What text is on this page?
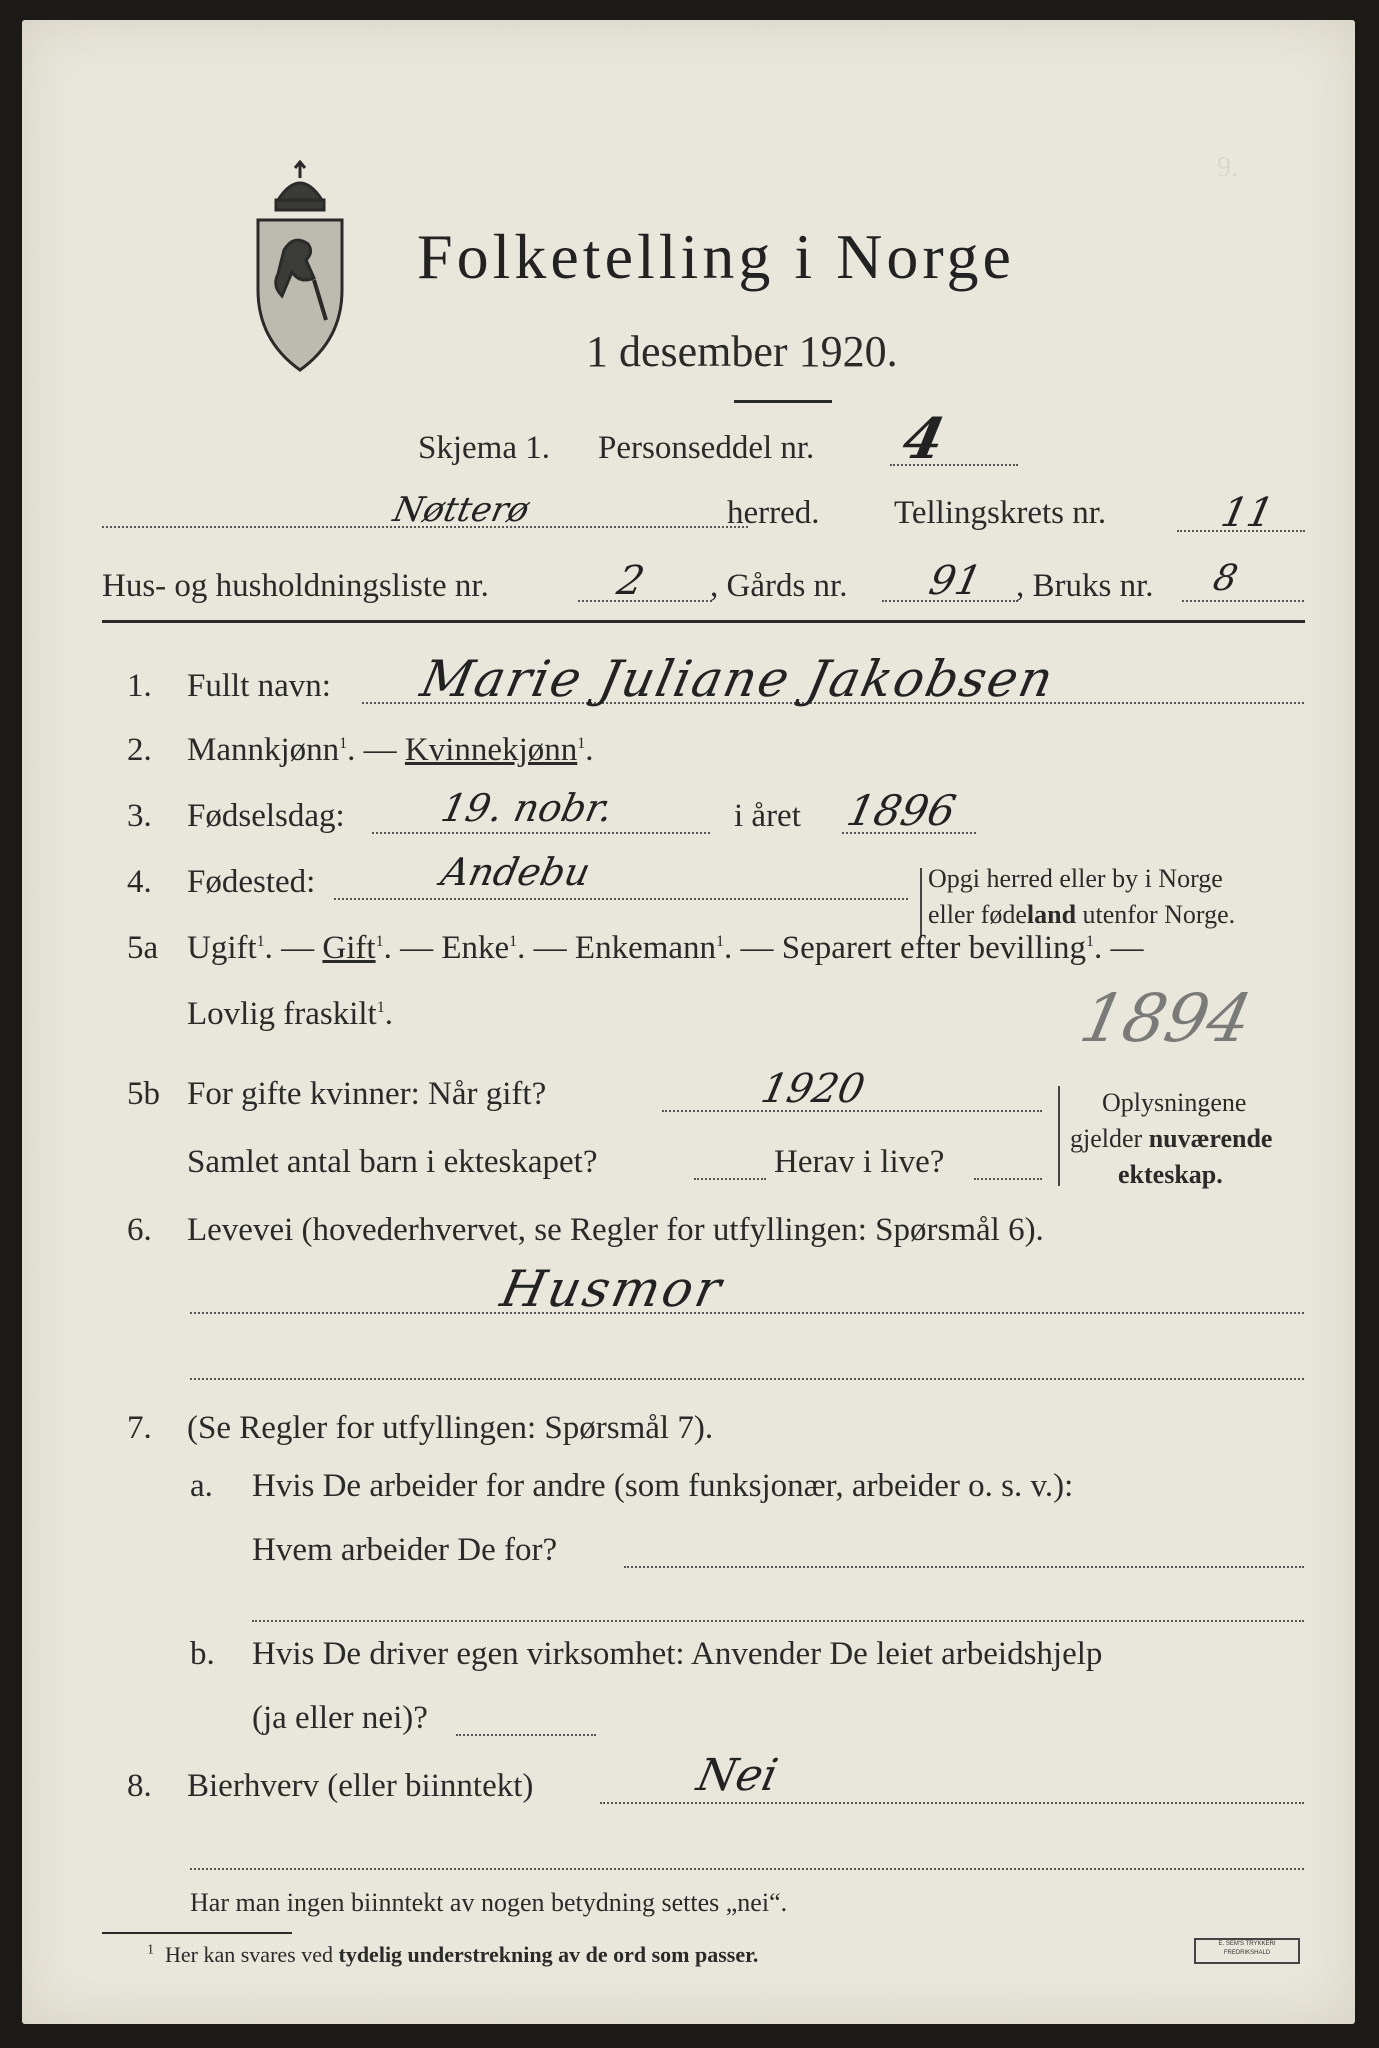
9.
Folketelling i Norge
1 desember 1920.
Skjema 1. Personseddel nr. 4
Nøtterø	herred. Tellingskrets nr.	11
Hus- og husholdningsliste nr.	2 , Gårds nr. 91 , Bruks nr. 8
1. Fullt navn: Marie Juliane Jakobsen
2. Mannkjønn$^1$. — Kvinnekjønn$^1$.
3. Fødselsdag: 19. nobr.	i året 1896
4. Fødested:	Andebu	Opgi herred eller by i Norge
eller fødeland utenfor Norge.
5a Ugift$^1$. — Gift$^1$. — Enke$^1$. — Enkemann$^1$. — Separert efter bevilling$^1$. —
Lovlig fraskilt$^1$.	1894
5b For gifte kvinner: Når gift?	1920
Samlet antal barn i ekteskapet?	Herav i live?
Oplysningene
gjelder nuværende
ekteskap.
6. Levevei (hovederhvervet, se Regler for utfyllingen: Spørsmål 6).
Husmor
7. (Se Regler for utfyllingen: Spørsmål 7).
a. Hvis De arbeider for andre (som funksjonær, arbeider o. s. v.):
Hvem arbeider De for?
b. Hvis De driver egen virksomhet: Anvender De leiet arbeidshjelp
(ja eller nei)?
8. Bierhverv (eller biinntekt)	Nei
Har man ingen biinntekt av nogen betydning settes „nei“.
$^1$ Her kan svares ved tydelig understrekning av de ord som passer.	E. SEM'S TRYKKERI
FREDRIKSHALD
